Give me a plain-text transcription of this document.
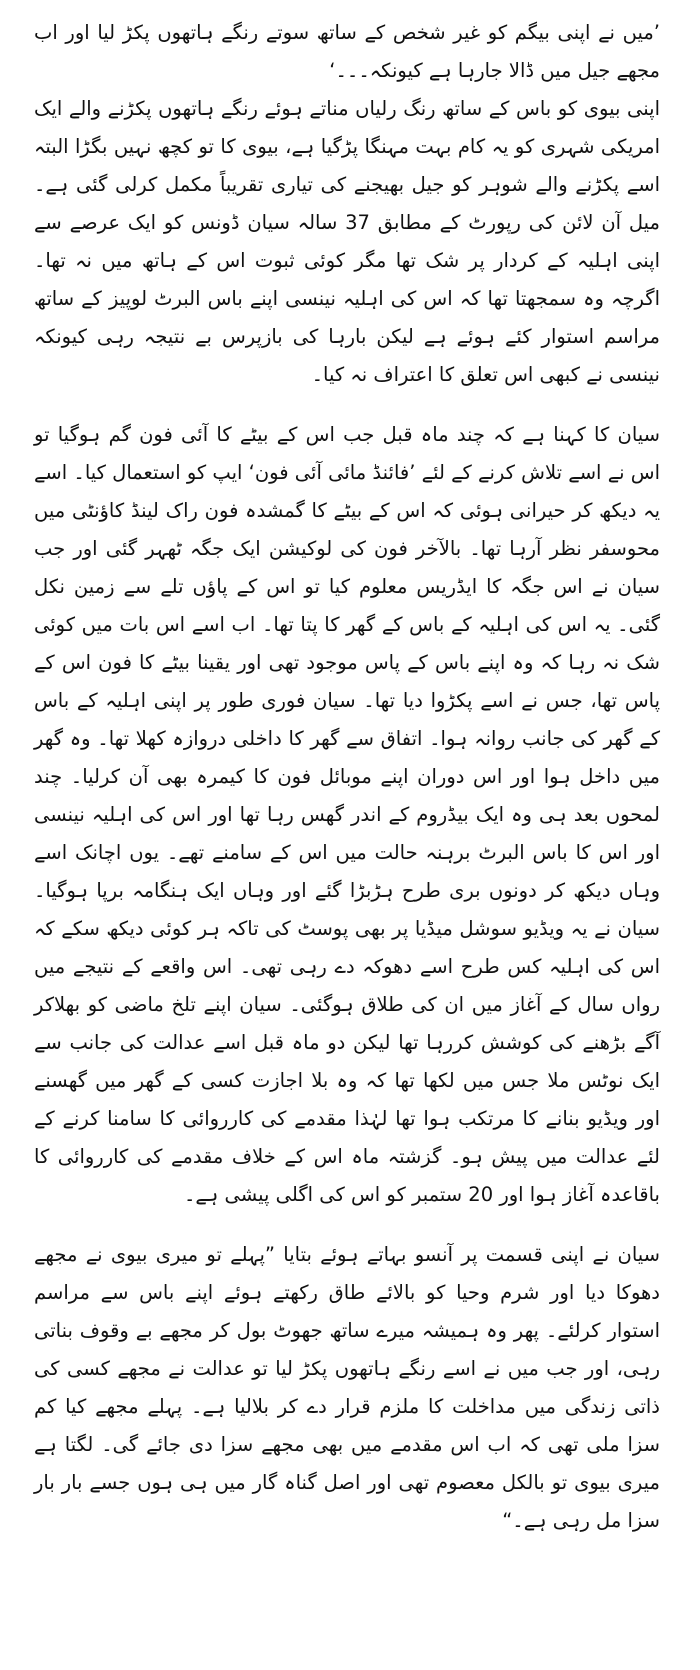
’میں نے اپنی بیگم کو غیر شخص کے ساتھ سوتے رنگے ہاتھوں پکڑ لیا اور اب مجھے جیل میں ڈالا جارہا ہے کیونکہ۔۔۔‘

اپنی بیوی کو باس کے ساتھ رنگ رلیاں مناتے ہوئے رنگے ہاتھوں پکڑنے والے ایک امریکی شہری کو یہ کام بہت مہنگا پڑگیا ہے، بیوی کا تو کچھ نہیں بگڑا البتہ اسے پکڑنے والے شوہر کو جیل بھیجنے کی تیاری تقریباً مکمل کرلی گئی ہے۔ میل آن لائن کی رپورٹ کے مطابق 37 سالہ سیان ڈونس کو ایک عرصے سے اپنی اہلیہ کے کردار پر شک تھا مگر کوئی ثبوت اس کے ہاتھ میں نہ تھا۔ اگرچہ وہ سمجھتا تھا کہ اس کی اہلیہ نینسی اپنے باس البرٹ لوپیز کے ساتھ مراسم استوار کئے ہوئے ہے لیکن بارہا کی بازپرس بے نتیجہ رہی کیونکہ نینسی نے کبھی اس تعلق کا اعتراف نہ کیا۔

سیان کا کہنا ہے کہ چند ماہ قبل جب اس کے بیٹے کا آئی فون گم ہوگیا تو اس نے اسے تلاش کرنے کے لئے ’فائنڈ مائی آئی فون‘ ایپ کو استعمال کیا۔ اسے یہ دیکھ کر حیرانی ہوئی کہ اس کے بیٹے کا گمشدہ فون راک لینڈ کاؤنٹی میں محوسفر نظر آرہا تھا۔ بالآخر فون کی لوکیشن ایک جگہ ٹھہر گئی اور جب سیان نے اس جگہ کا ایڈریس معلوم کیا تو اس کے پاؤں تلے سے زمین نکل گئی۔ یہ اس کی اہلیہ کے باس کے گھر کا پتا تھا۔ اب اسے اس بات میں کوئی شک نہ رہا کہ وہ اپنے باس کے پاس موجود تھی اور یقینا بیٹے کا فون اس کے پاس تھا، جس نے اسے پکڑوا دیا تھا۔ سیان فوری طور پر اپنی اہلیہ کے باس کے گھر کی جانب روانہ ہوا۔ اتفاق سے گھر کا داخلی دروازہ کھلا تھا۔ وہ گھر میں داخل ہوا اور اس دوران اپنے موبائل فون کا کیمرہ بھی آن کرلیا۔ چند لمحوں بعد ہی وہ ایک بیڈروم کے اندر گھس رہا تھا اور اس کی اہلیہ نینسی اور اس کا باس البرٹ برہنہ حالت میں اس کے سامنے تھے۔ یوں اچانک اسے وہاں دیکھ کر دونوں بری طرح ہڑبڑا گئے اور وہاں ایک ہنگامہ برپا ہوگیا۔ سیان نے یہ ویڈیو سوشل میڈیا پر بھی پوسٹ کی تاکہ ہر کوئی دیکھ سکے کہ اس کی اہلیہ کس طرح اسے دھوکہ دے رہی تھی۔ اس واقعے کے نتیجے میں رواں سال کے آغاز میں ان کی طلاق ہوگئی۔ سیان اپنے تلخ ماضی کو بھلاکر آگے بڑھنے کی کوشش کررہا تھا لیکن دو ماہ قبل اسے عدالت کی جانب سے ایک نوٹس ملا جس میں لکھا تھا کہ وہ بلا اجازت کسی کے گھر میں گھسنے اور ویڈیو بنانے کا مرتکب ہوا تھا لہٰذا مقدمے کی کارروائی کا سامنا کرنے کے لئے عدالت میں پیش ہو۔ گزشتہ ماہ اس کے خلاف مقدمے کی کارروائی کا باقاعدہ آغاز ہوا اور 20 ستمبر کو اس کی اگلی پیشی ہے۔

سیان نے اپنی قسمت پر آنسو بہاتے ہوئے بتایا ”پہلے تو میری بیوی نے مجھے دھوکا دیا اور شرم وحیا کو بالائے طاق رکھتے ہوئے اپنے باس سے مراسم استوار کرلئے۔ پھر وہ ہمیشہ میرے ساتھ جھوٹ بول کر مجھے بے وقوف بناتی رہی، اور جب میں نے اسے رنگے ہاتھوں پکڑ لیا تو عدالت نے مجھے کسی کی ذاتی زندگی میں مداخلت کا ملزم قرار دے کر بلالیا ہے۔ پہلے مجھے کیا کم سزا ملی تھی کہ اب اس مقدمے میں بھی مجھے سزا دی جائے گی۔ لگتا ہے میری بیوی تو بالکل معصوم تھی اور اصل گناہ گار میں ہی ہوں جسے بار بار سزا مل رہی ہے۔“
